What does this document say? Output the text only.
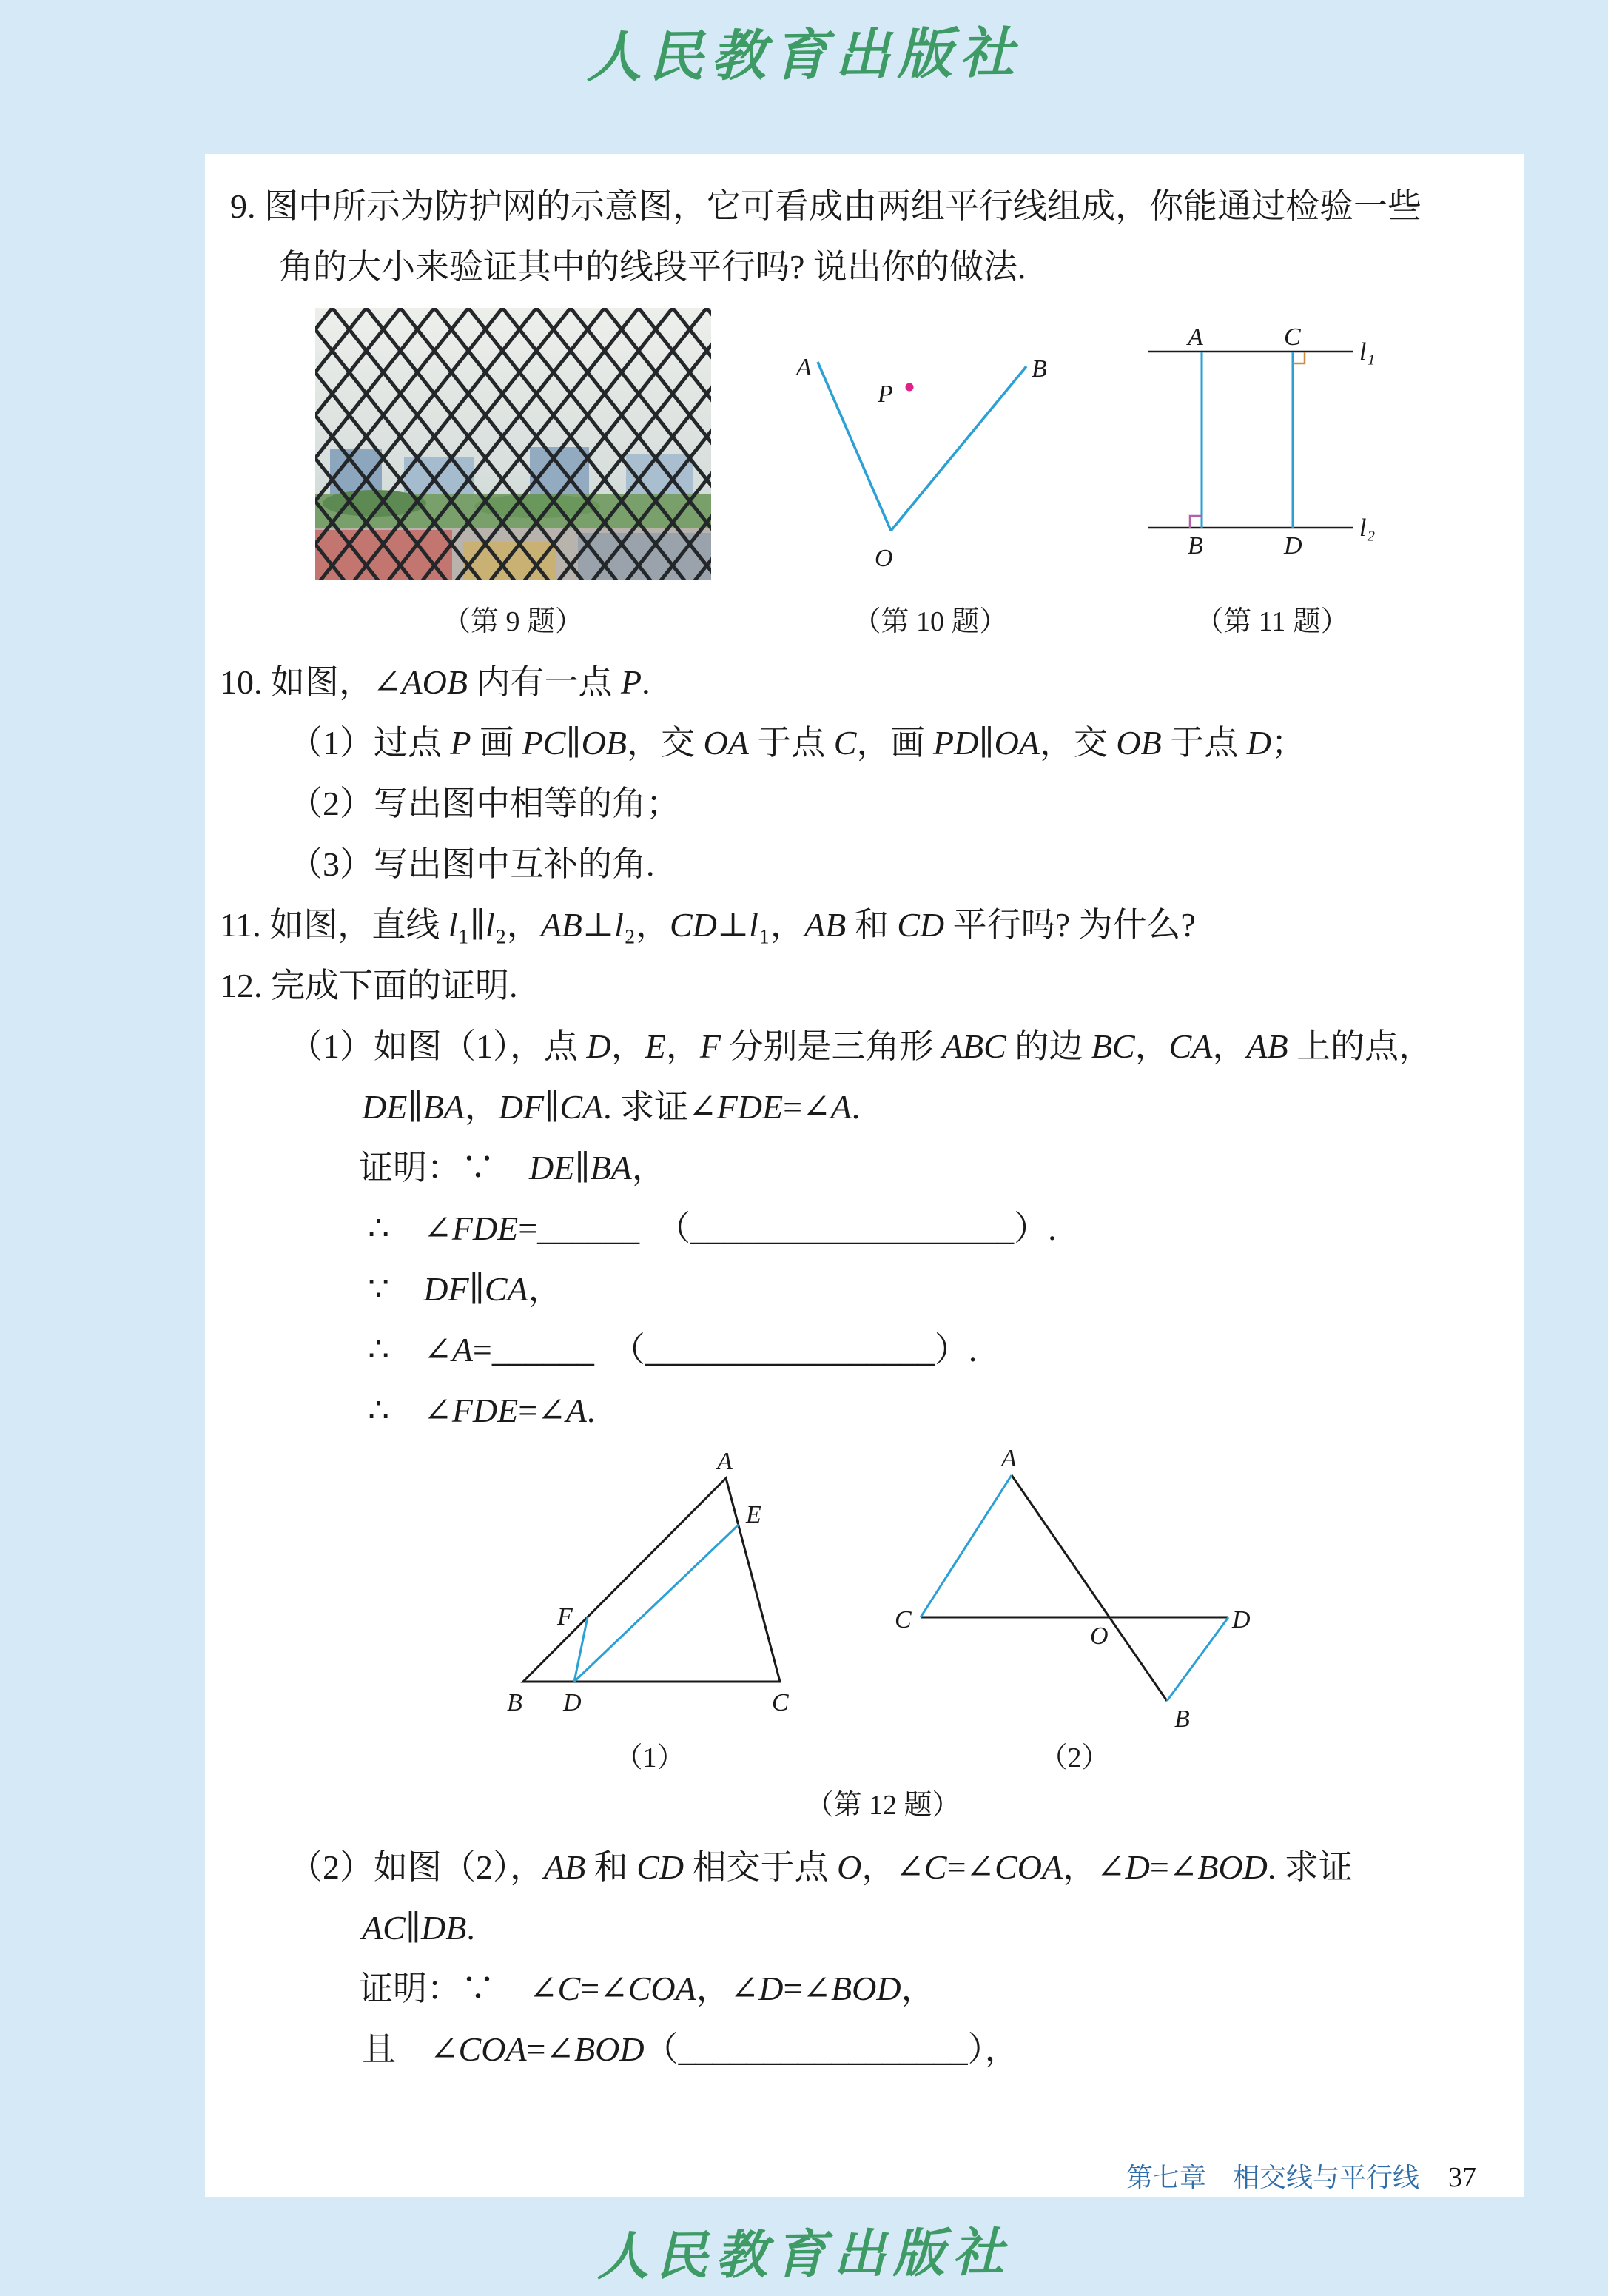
人民教育出版社
9. 图中所示为防护网的示意图，它可看成由两组平行线组成，你能通过检验一些
角的大小来验证其中的线段平行吗? 说出你的做法.
A	B
O
P
A	C
B	D
l₁
l₂
（第 9 题）	（第 10 题）	（第 11 题）
10. 如图，∠AOB 内有一点 P.
（1）过点 P 画 PC∥OB，交 OA 于点 C，画 PD∥OA，交 OB 于点 D；
（2）写出图中相等的角；
（3）写出图中互补的角.
11. 如图，直线 l₁∥l₂，AB⊥l₂，CD⊥l₁，AB 和 CD 平行吗? 为什么?
12. 完成下面的证明.
（1）如图（1），点 D，E，F 分别是三角形 ABC 的边 BC，CA，AB 上的点，
DE∥BA，DF∥CA. 求证∠FDE=∠A.
证明：∵　DE∥BA，
∴　∠FDE=______　（___________________）.
∵　DF∥CA，
∴　∠A=______　（_________________）.
∴　∠FDE=∠A.
A
B	C
D
E
F	C
A
D
B
O
（1）	（2）
（第 12 题）
（2）如图（2），AB 和 CD 相交于点 O，∠C=∠COA，∠D=∠BOD. 求证
AC∥DB.
证明：∵　∠C=∠COA，∠D=∠BOD，
且　∠COA=∠BOD（_________________），
第七章　相交线与平行线 37
人民教育出版社
